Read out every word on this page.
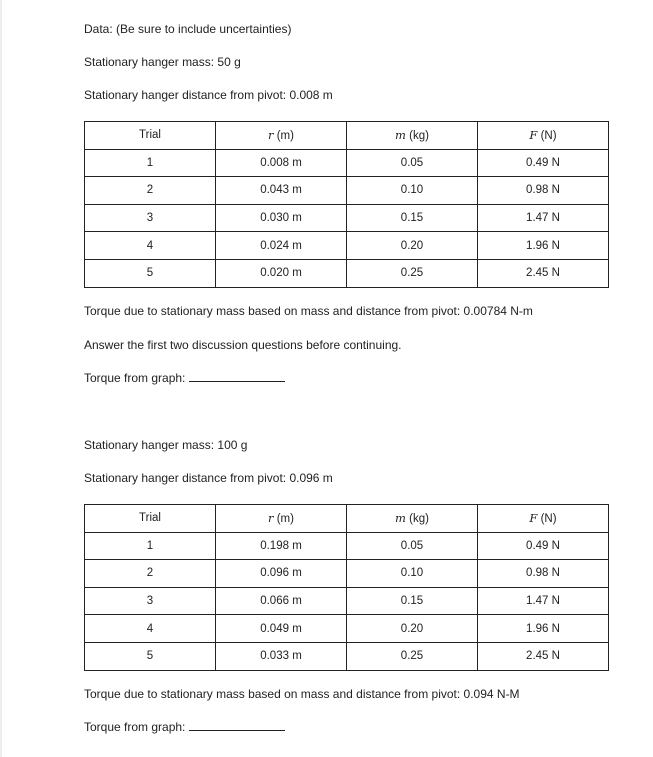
Data: (Be sure to include uncertainties)
Stationary hanger mass: 50 g
Stationary hanger distance from pivot: 0.008 m
Trial	r (m)	m (kg)	F (N)
1	0.008 m	0.05	0.49 N
2	0.043 m	0.10	0.98 N
3	0.030 m	0.15	1.47 N
4	0.024 m	0.20	1.96 N
5	0.020 m	0.25	2.45 N
Torque due to stationary mass based on mass and distance from pivot: 0.00784 N-m
Answer the first two discussion questions before continuing.
Torque from graph:
Stationary hanger mass: 100 g
Stationary hanger distance from pivot: 0.096 m
Trial	r (m)	m (kg)	F (N)
1	0.198 m	0.05	0.49 N
2	0.096 m	0.10	0.98 N
3	0.066 m	0.15	1.47 N
4	0.049 m	0.20	1.96 N
5	0.033 m	0.25	2.45 N
Torque due to stationary mass based on mass and distance from pivot: 0.094 N-M
Torque from graph:
